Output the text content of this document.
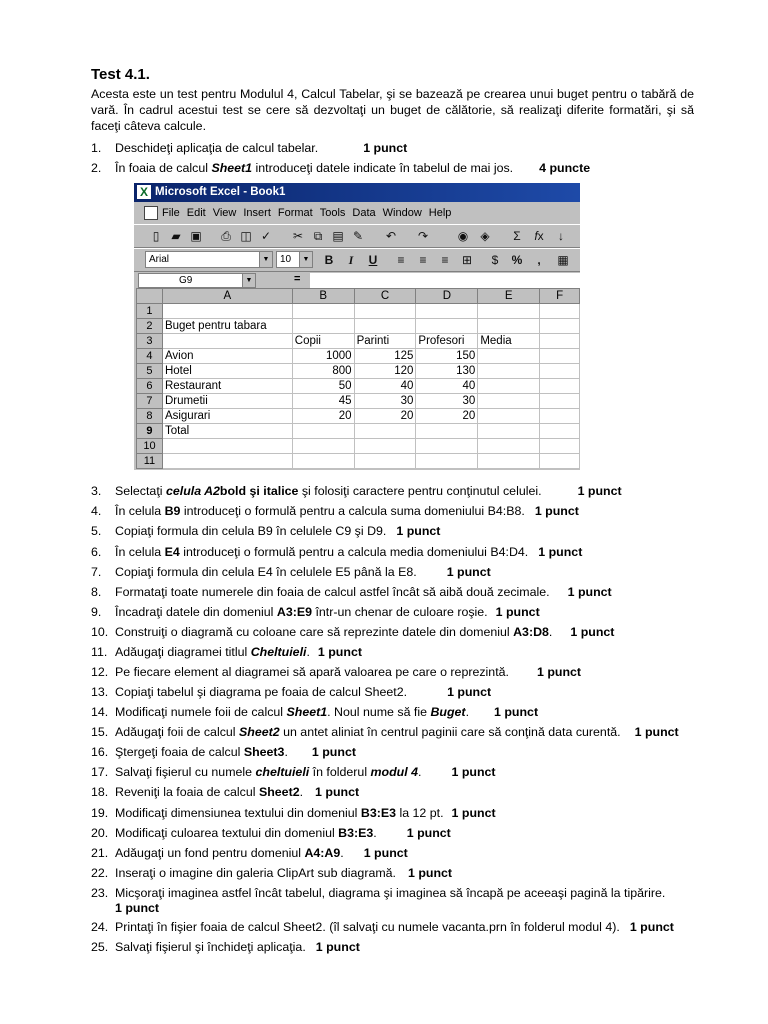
Test 4.1.

Acesta este un test pentru Modulul 4, Calcul Tabelar, şi se bazează pe crearea unui buget pentru o tabără de vară. În cadrul acestui test se cere să dezvoltaţi un buget de călătorie, să realizaţi diferite formatări, şi să faceţi câteva calcule.

1. Deschideţi aplicaţia de calcul tabelar.	1 punct
2. În foaia de calcul Sheet1 introduceţi datele indicate în tabelul de mai jos. 4 puncte
X Microsoft Excel - Book1
File Edit View Insert Format Tools Data Window Help
▯	▰ ▣	⎙ ◫ ✓	✂ ⧉ ▤ ✎	↶	↷	◉	◈	Σ	fx	↓
Arial	▼	10	▼	B	I	U	≡	≡	≡	⊞	$	%	,	▦
G9	▼	=
	A	B	C	D	E	F
1						
2	Buget pentru tabara					
3		Copii	Parinti	Profesori	Media	
4	Avion	1000	125	150		
5	Hotel	800	120	130		
6	Restaurant	50	40	40		
7	Drumetii	45	30	30		
8	Asigurari	20	20	20		
9	Total					
10						
11						
3. Selectaţi celula A2bold şi italice şi folosiţi caractere pentru conţinutul celulei.	1 punct
4. În celula B9 introduceţi o formulă pentru a calcula suma domeniului B4:B8. 1 punct
5. Copiaţi formula din celula B9 în celulele C9 şi D9. 1 punct
6. În celula E4 introduceţi o formulă pentru a calcula media domeniului B4:D4. 1 punct
7. Copiaţi formula din celula E4 în celulele E5 până la E8. 1 punct
8. Formataţi toate numerele din foaia de calcul astfel încât să aibă două zecimale. 1 punct
9. Încadraţi datele din domeniul A3:E9 într-un chenar de culoare roşie. 1 punct
10. Construiţi o diagramă cu coloane care să reprezinte datele din domeniul A3:D8. 1 punct
11. Adăugaţi diagramei titlul Cheltuieli. 1 punct
12. Pe fiecare element al diagramei să apară valoarea pe care o reprezintă. 1 punct
13. Copiaţi tabelul şi diagrama pe foaia de calcul Sheet2.	1 punct
14. Modificaţi numele foii de calcul Sheet1. Noul nume să fie Buget. 1 punct
15. Adăugaţi foii de calcul Sheet2 un antet aliniat în centrul paginii care să conţină data curentă. 1 punct
16. Ştergeţi foaia de calcul Sheet3. 1 punct
17. Salvaţi fişierul cu numele cheltuieli în folderul modul 4. 1 punct
18. Reveniţi la foaia de calcul Sheet2. 1 punct
19. Modificaţi dimensiunea textului din domeniul B3:E3 la 12 pt. 1 punct
20. Modificaţi culoarea textului din domeniul B3:E3. 1 punct
21. Adăugaţi un fond pentru domeniul A4:A9. 1 punct
22. Inseraţi o imagine din galeria ClipArt sub diagramă. 1 punct
23. Micşoraţi imaginea astfel încât tabelul, diagrama şi imaginea să încapă pe aceeaşi pagină la tipărire.
1 punct
24. Printaţi în fişier foaia de calcul Sheet2. (îl salvaţi cu numele vacanta.prn în folderul modul 4). 1 punct
25. Salvaţi fişierul şi închideţi aplicaţia. 1 punct
